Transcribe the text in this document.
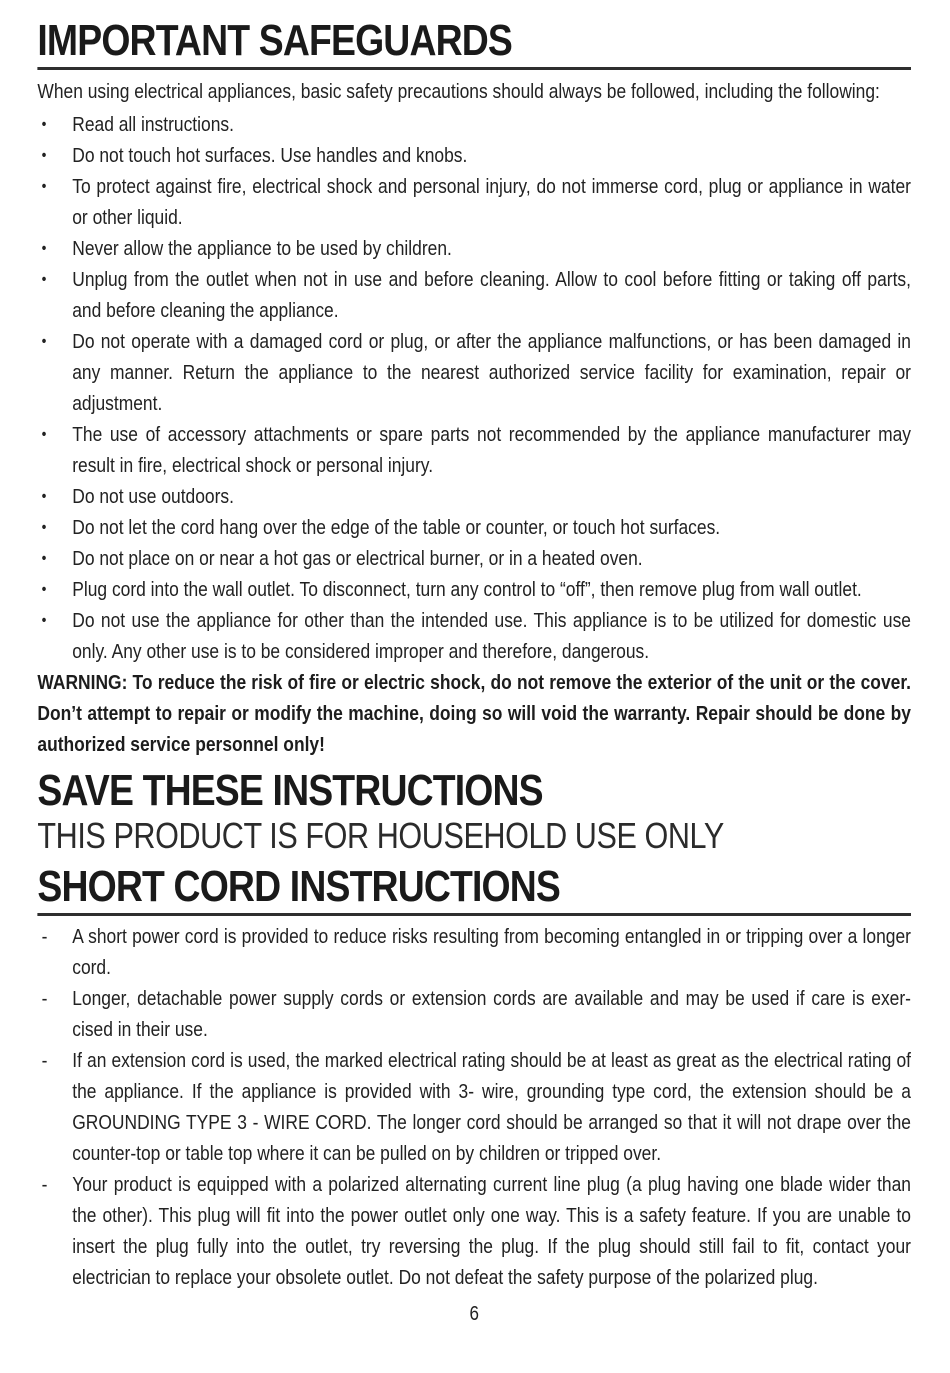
IMPORTANT SAFEGUARDS

When using electrical appliances, basic safety precautions should always be followed, including the following:

• Read all instructions.
• Do not touch hot surfaces. Use handles and knobs.
• To protect against fire, electrical shock and personal injury, do not immerse cord, plug or appliance in water or other liquid.
• Never allow the appliance to be used by children.
• Unplug from the outlet when not in use and before cleaning. Allow to cool before fitting or taking off parts, and before cleaning the appliance.
• Do not operate with a damaged cord or plug, or after the appliance malfunctions, or has been damaged in any manner. Return the appliance to the nearest authorized service facility for examination, repair or adjustment.
• The use of accessory attachments or spare parts not recommended by the appliance manufacturer may result in fire, electrical shock or personal injury.
• Do not use outdoors.
• Do not let the cord hang over the edge of the table or counter, or touch hot surfaces.
• Do not place on or near a hot gas or electrical burner, or in a heated oven.
• Plug cord into the wall outlet. To disconnect, turn any control to “off”, then remove plug from wall outlet.
• Do not use the appliance for other than the intended use. This appliance is to be utilized for domestic use only. Any other use is to be considered improper and therefore, dangerous.

WARNING: To reduce the risk of fire or electric shock, do not remove the exterior of the unit or the cover. Don’t attempt to repair or modify the machine, doing so will void the warranty. Repair should be done by authorized service personnel only!

SAVE THESE INSTRUCTIONS
THIS PRODUCT IS FOR HOUSEHOLD USE ONLY
SHORT CORD INSTRUCTIONS
- A short power cord is provided to reduce risks resulting from becoming entangled in or tripping over a longer cord.
- Longer, detachable power supply cords or extension cords are available and may be used if care is exercised in their use.
- If an extension cord is used, the marked electrical rating should be at least as great as the electrical rating of the appliance. If the appliance is provided with 3- wire, grounding type cord, the extension should be a GROUNDING TYPE 3 - WIRE CORD. The longer cord should be arranged so that it will not drape over the counter-top or table top where it can be pulled on by children or tripped over.
- Your product is equipped with a polarized alternating current line plug (a plug having one blade wider than the other). This plug will fit into the power outlet only one way. This is a safety feature. If you are unable to insert the plug fully into the outlet, try reversing the plug. If the plug should still fail to fit, contact your electrician to replace your obsolete outlet. Do not defeat the safety purpose of the polarized plug.
6
